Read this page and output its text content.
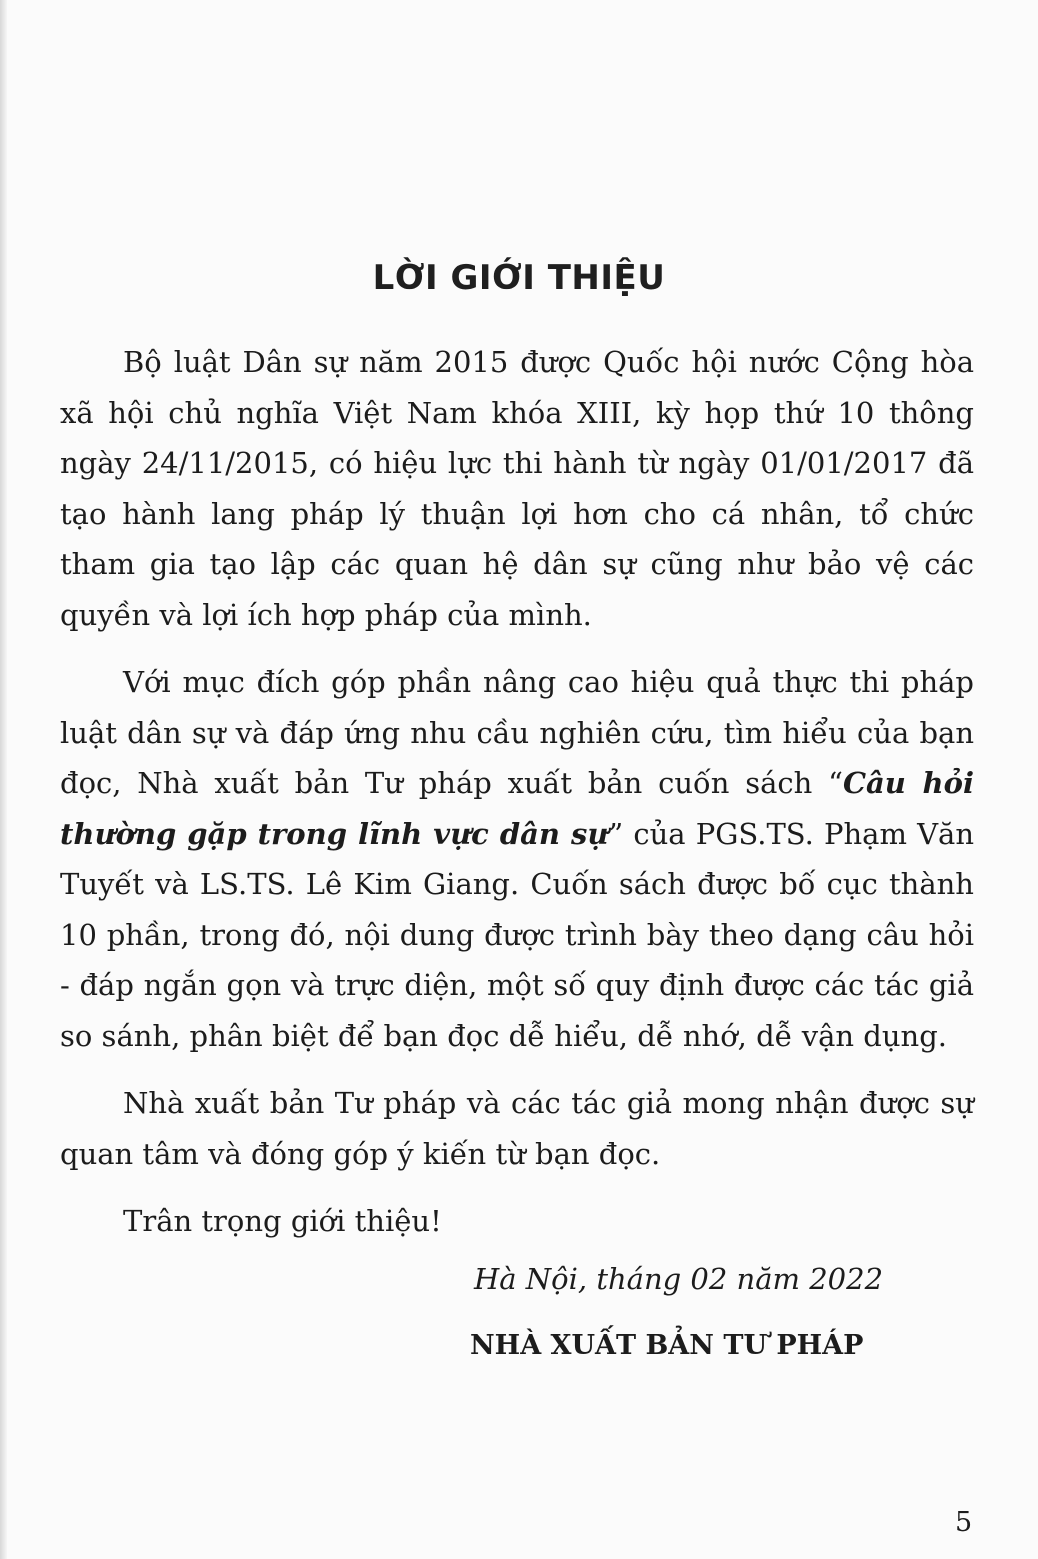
LỜI GIỚI THIỆU

Bộ luật Dân sự năm 2015 được Quốc hội nước Cộng hòa xã hội chủ nghĩa Việt Nam khóa XIII, kỳ họp thứ 10 thông ngày 24/11/2015, có hiệu lực thi hành từ ngày 01/01/2017 đã tạo hành lang pháp lý thuận lợi hơn cho cá nhân, tổ chức tham gia tạo lập các quan hệ dân sự cũng như bảo vệ các quyền và lợi ích hợp pháp của mình.

Với mục đích góp phần nâng cao hiệu quả thực thi pháp luật dân sự và đáp ứng nhu cầu nghiên cứu, tìm hiểu của bạn đọc, Nhà xuất bản Tư pháp xuất bản cuốn sách “Câu hỏi thường gặp trong lĩnh vực dân sự” của PGS.TS. Phạm Văn Tuyết và LS.TS. Lê Kim Giang. Cuốn sách được bố cục thành 10 phần, trong đó, nội dung được trình bày theo dạng câu hỏi - đáp ngắn gọn và trực diện, một số quy định được các tác giả so sánh, phân biệt để bạn đọc dễ hiểu, dễ nhớ, dễ vận dụng.

Nhà xuất bản Tư pháp và các tác giả mong nhận được sự quan tâm và đóng góp ý kiến từ bạn đọc.

Trân trọng giới thiệu!

Hà Nội, tháng 02 năm 2022
NHÀ XUẤT BẢN TƯ PHÁP
5
